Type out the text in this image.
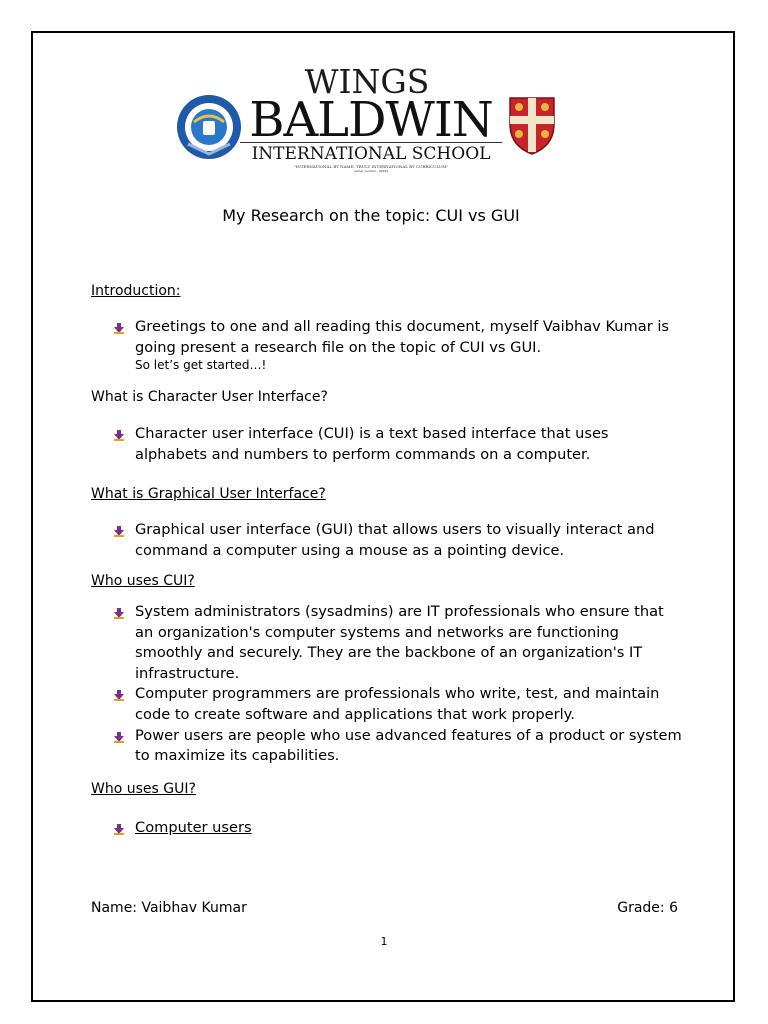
WINGS
BALDWIN
INTERNATIONAL SCHOOL
"INTERNATIONAL BY NAME, TRULY INTERNATIONAL BY CURRICULUM"
center number - IN299
My Research on the topic: CUI vs GUI
Introduction:
Greetings to one and all reading this document, myself Vaibhav Kumar is going present a research file on the topic of CUI vs GUI.
So let’s get started…!
What is Character User Interface?
Character user interface (CUI) is a text based interface that uses alphabets and numbers to perform commands on a computer.
What is Graphical User Interface?
Graphical user interface (GUI) that allows users to visually interact and command a computer using a mouse as a pointing device.
Who uses CUI?
System administrators (sysadmins) are IT professionals who ensure that an organization's computer systems and networks are functioning smoothly and securely. They are the backbone of an organization's IT infrastructure.
Computer programmers are professionals who write, test, and maintain code to create software and applications that work properly.
Power users are people who use advanced features of a product or system to maximize its capabilities.
Who uses GUI?
Computer users
Name: Vaibhav Kumar	Grade: 6
1
